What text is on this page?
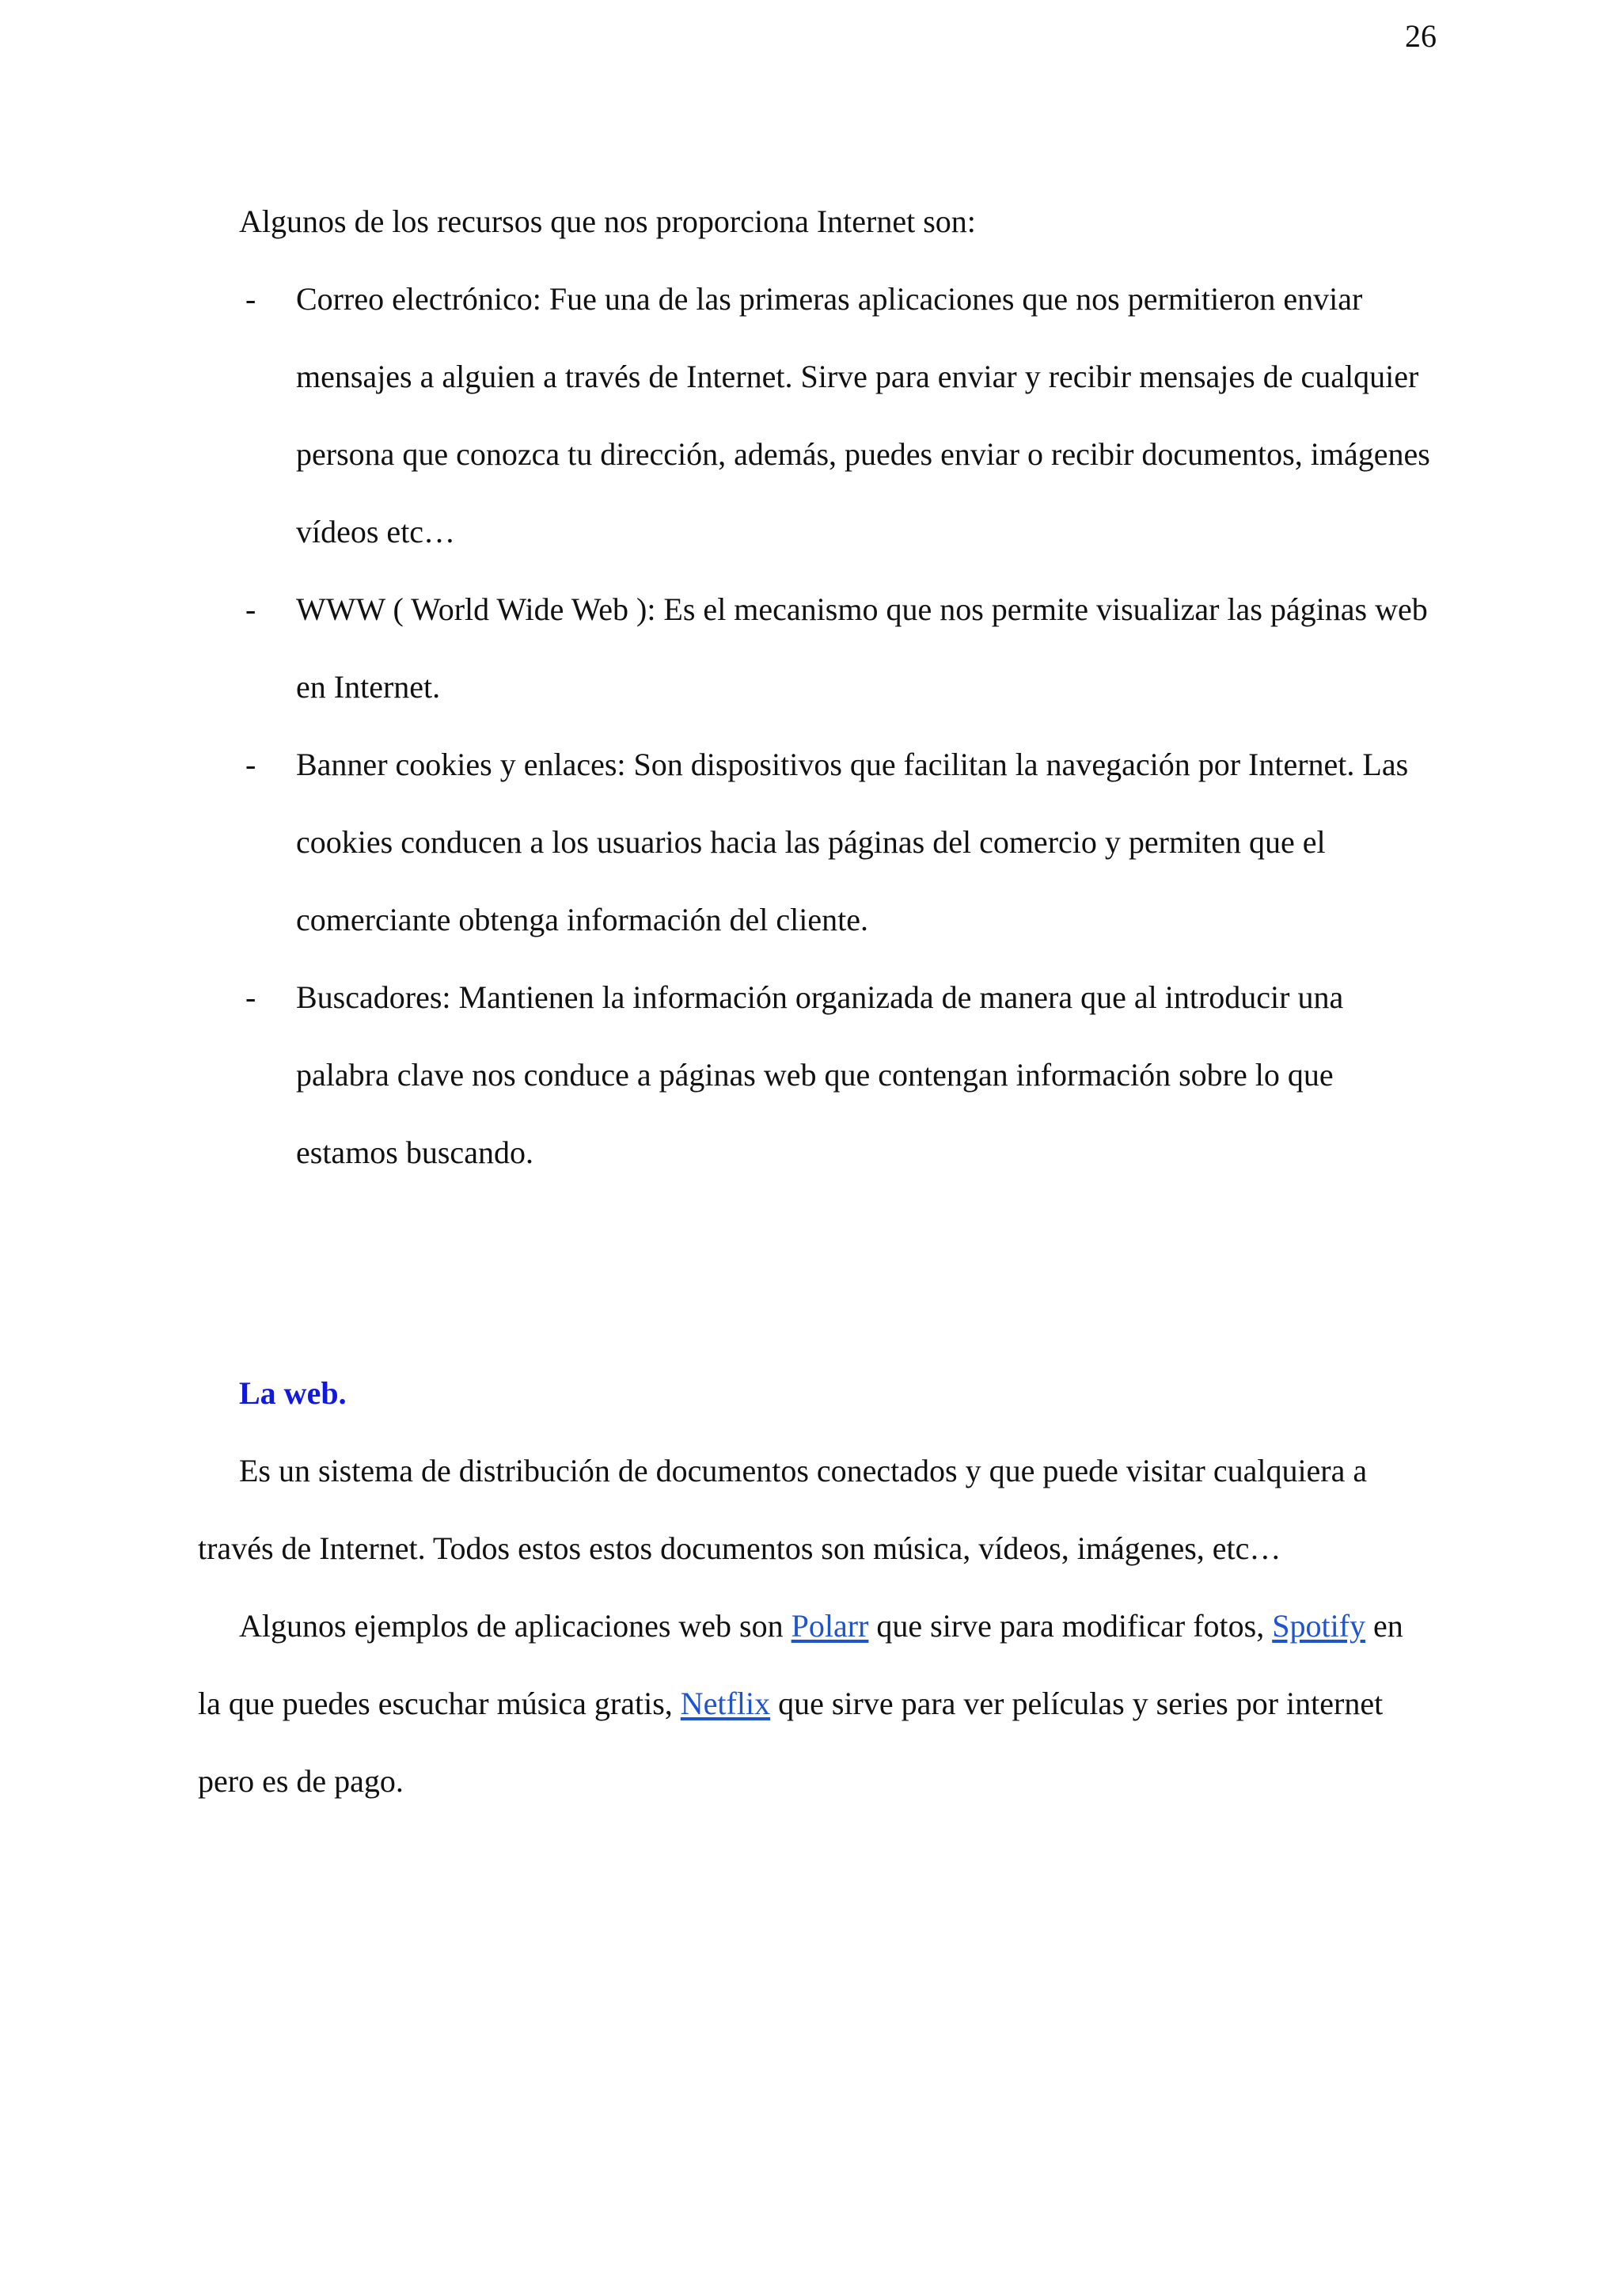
26
Algunos de los recursos que nos proporciona Internet son:
- Correo electrónico: Fue una de las primeras aplicaciones que nos permitieron enviar mensajes a alguien a través de Internet. Sirve para enviar y recibir mensajes de cualquier persona que conozca tu dirección, además, puedes enviar o recibir documentos, imágenes vídeos etc…
- WWW ( World Wide Web ): Es el mecanismo que nos permite visualizar las páginas web en Internet.
- Banner cookies y enlaces: Son dispositivos que facilitan la navegación por Internet. Las cookies conducen a los usuarios hacia las páginas del comercio y permiten que el comerciante obtenga información del cliente.
- Buscadores: Mantienen la información organizada de manera que al introducir una palabra clave nos conduce a páginas web que contengan información sobre lo que estamos buscando.
La web.

Es un sistema de distribución de documentos conectados y que puede visitar cualquiera a través de Internet. Todos estos estos documentos son música, vídeos, imágenes, etc…

Algunos ejemplos de aplicaciones web son Polarr que sirve para modificar fotos, Spotify en la que puedes escuchar música gratis, Netflix que sirve para ver películas y series por internet pero es de pago.
